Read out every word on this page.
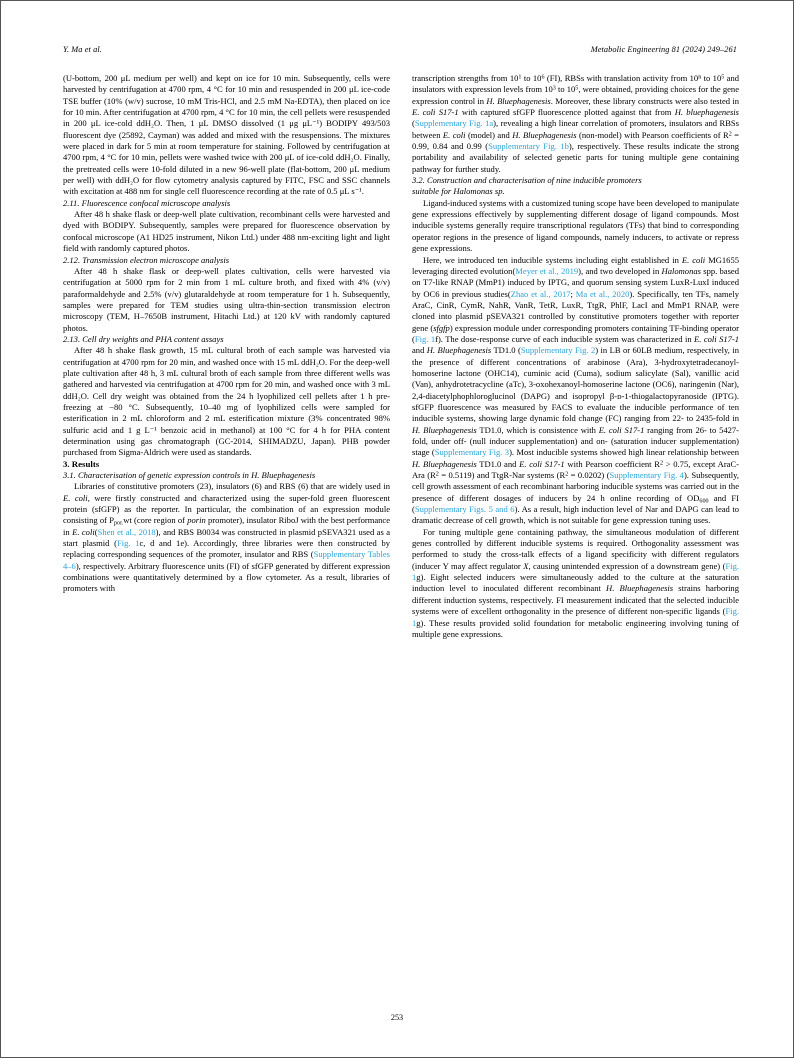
Y. Ma et al.	Metabolic Engineering 81 (2024) 249–261

(U-bottom, 200 μL medium per well) and kept on ice for 10 min. Subsequently, cells were harvested by centrifugation at 4700 rpm, 4 °C for 10 min and resuspended in 200 μL ice-code TSE buffer (10% (w/v) sucrose, 10 mM Tris-HCl, and 2.5 mM Na-EDTA), then placed on ice for 10 min. After centrifugation at 4700 rpm, 4 °C for 10 min, the cell pellets were resuspended in 200 μL ice-cold ddH₂O. Then, 1 μL DMSO dissolved (1 μg μL⁻¹) BODIPY 493/503 fluorescent dye (25892, Cayman) was added and mixed with the resuspensions. The mixtures were placed in dark for 5 min at room temperature for staining. Followed by centrifugation at 4700 rpm, 4 °C for 10 min, pellets were washed twice with 200 μL of ice-cold ddH₂O. Finally, the pretreated cells were 10-fold diluted in a new 96-well plate (flat-bottom, 200 μL medium per well) with ddH₂O for flow cytometry analysis captured by FITC, FSC and SSC channels with excitation at 488 nm for single cell fluorescence recording at the rate of 0.5 μL s⁻¹.

2.11. Fluorescence confocal microscope analysis

After 48 h shake flask or deep-well plate cultivation, recombinant cells were harvested and dyed with BODIPY. Subsequently, samples were prepared for fluorescence observation by confocal microscope (A1 HD25 instrument, Nikon Ltd.) under 488 nm-exciting light and light field with randomly captured photos.

2.12. Transmission electron microscope analysis

After 48 h shake flask or deep-well plates cultivation, cells were harvested via centrifugation at 5000 rpm for 2 min from 1 mL culture broth, and fixed with 4% (v/v) paraformaldehyde and 2.5% (v/v) glutaraldehyde at room temperature for 1 h. Subsequently, samples were prepared for TEM studies using ultra-thin-section transmission electron microscopy (TEM, H–7650B instrument, Hitachi Ltd.) at 120 kV with randomly captured photos.

2.13. Cell dry weights and PHA content assays

After 48 h shake flask growth, 15 mL cultural broth of each sample was harvested via centrifugation at 4700 rpm for 20 min, and washed once with 15 mL ddH₂O. For the deep-well plate cultivation after 48 h, 3 mL cultural broth of each sample from three different wells was gathered and harvested via centrifugation at 4700 rpm for 20 min, and washed once with 3 mL ddH₂O. Cell dry weight was obtained from the 24 h lyophilized cell pellets after 1 h pre-freezing at −80 °C. Subsequently, 10–40 mg of lyophilized cells were sampled for esterification in 2 mL chloroform and 2 mL esterification mixture (3% concentrated 98% sulfuric acid and 1 g L⁻¹ benzoic acid in methanol) at 100 °C for 4 h for PHA content determination using gas chromatograph (GC-2014, SHIMADZU, Japan). PHB powder purchased from Sigma-Aldrich were used as standards.

3. Results
3.1. Characterisation of genetic expression controls in H. Bluephagenesis

Libraries of constitutive promoters (23), insulators (6) and RBS (6) that are widely used in E. coli, were firstly constructed and characterized using the super-fold green fluorescent protein (sfGFP) as the reporter. In particular, the combination of an expression module consisting of $P_{por.}wt$ (core region of porin promoter), insulator RiboJ with the best performance in E. coli(Shen et al., 2018), and RBS B0034 was constructed in plasmid pSEVA321 used as a start plasmid (Fig. 1c, d and 1e). Accordingly, three libraries were then constructed by replacing corresponding sequences of the promoter, insulator and RBS (Supplementary Tables 4–6), respectively. Arbitrary fluorescence units (FI) of sfGFP generated by different expression combinations were quantitatively determined by a flow cytometer. As a result, libraries of promoters with

transcription strengths from $10^1$ to $10^6$ (FI), RBSs with translation activity from 10$^n$ to $10^5$ and insulators with expression levels from $10^3$ to $10^5$, were obtained, providing choices for the gene expression control in H. Bluephagenesis. Moreover, these library constructs were also tested in E. coli S17-1 with captured sfGFP fluorescence plotted against that from H. bluephagenesis (Supplementary Fig. 1a), revealing a high linear correlation of promoters, insulators and RBSs between E. coli (model) and H. Bluephagenesis (non-model) with Pearson coefficients of $R^2 = 0.99$, 0.84 and 0.99 (Supplementary Fig. 1b), respectively. These results indicate the strong portability and availability of selected genetic parts for tuning multiple gene containing pathway for further study.

3.2. Construction and characterisation of nine inducible promoters
suitable for Halomonas sp.

Ligand-induced systems with a customized tuning scope have been developed to manipulate gene expressions effectively by supplementing different dosage of ligand compounds. Most inducible systems generally require transcriptional regulators (TFs) that bind to corresponding operator regions in the presence of ligand compounds, namely inducers, to activate or repress gene expressions.

Here, we introduced ten inducible systems including eight established in E. coli MG1655 leveraging directed evolution(Meyer et al., 2019), and two developed in Halomonas spp. based on T7-like RNAP (MmP1) induced by IPTG, and quorum sensing system LuxR-LuxI induced by OC6 in previous studies(Zhao et al., 2017; Ma et al., 2020). Specifically, ten TFs, namely AraC, CinR, CymR, NahR, VanR, TetR, LuxR, TtgR, PhlF, LacI and MmP1 RNAP, were cloned into plasmid pSEVA321 controlled by constitutive promoters together with reporter gene (sfgfp) expression module under corresponding promoters containing TF-binding operator (Fig. 1f). The dose-response curve of each inducible system was characterized in E. coli S17-1 and H. Bluephagenesis TD1.0 (Supplementary Fig. 2) in LB or 60LB medium, respectively, in the presence of different concentrations of arabinose (Ara), 3-hydroxytetradecanoyl-homoserine lactone (OHC14), cuminic acid (Cuma), sodium salicylate (Sal), vanillic acid (Van), anhydrotetracycline (aTc), 3-oxohexanoyl-homoserine lactone (OC6), naringenin (Nar), 2,4-diacetylphophloroglucinol (DAPG) and isopropyl β-ᴅ-1-thiogalactopyranoside (IPTG). sfGFP fluorescence was measured by FACS to evaluate the inducible performance of ten inducible systems, showing large dynamic fold change (FC) ranging from 22- to 2435-fold in H. Bluephagenesis TD1.0, which is consistence with E. coli S17-1 ranging from 26- to 5427-fold, under off- (null inducer supplementation) and on- (saturation inducer supplementation) stage (Supplementary Fig. 3). Most inducible systems showed high linear relationship between H. Bluephagenesis TD1.0 and E. coli S17-1 with Pearson coefficient $R^2 > 0.75$, except AraC-Ara $(R^2 = 0.5119)$ and TtgR-Nar systems $(R^2 = 0.0202)$ (Supplementary Fig. 4). Subsequently, cell growth assessment of each recombinant harboring inducible systems was carried out in the presence of different dosages of inducers by 24 h online recording of $OD_{600}$ and FI (Supplementary Figs. 5 and 6). As a result, high induction level of Nar and DAPG can lead to dramatic decrease of cell growth, which is not suitable for gene expression tuning uses.

For tuning multiple gene containing pathway, the simultaneous modulation of different genes controlled by different inducible systems is required. Orthogonality assessment was performed to study the cross-talk effects of a ligand specificity with different regulators (inducer Y may affect regulator X, causing unintended expression of a downstream gene) (Fig. 1g). Eight selected inducers were simultaneously added to the culture at the saturation induction level to inoculated different recombinant H. Bluephagenesis strains harboring different induction systems, respectively. FI measurement indicated that the selected inducible systems were of excellent orthogonality in the presence of different non-specific ligands (Fig. 1g). These results provided solid foundation for metabolic engineering involving tuning of multiple gene expressions.

253
